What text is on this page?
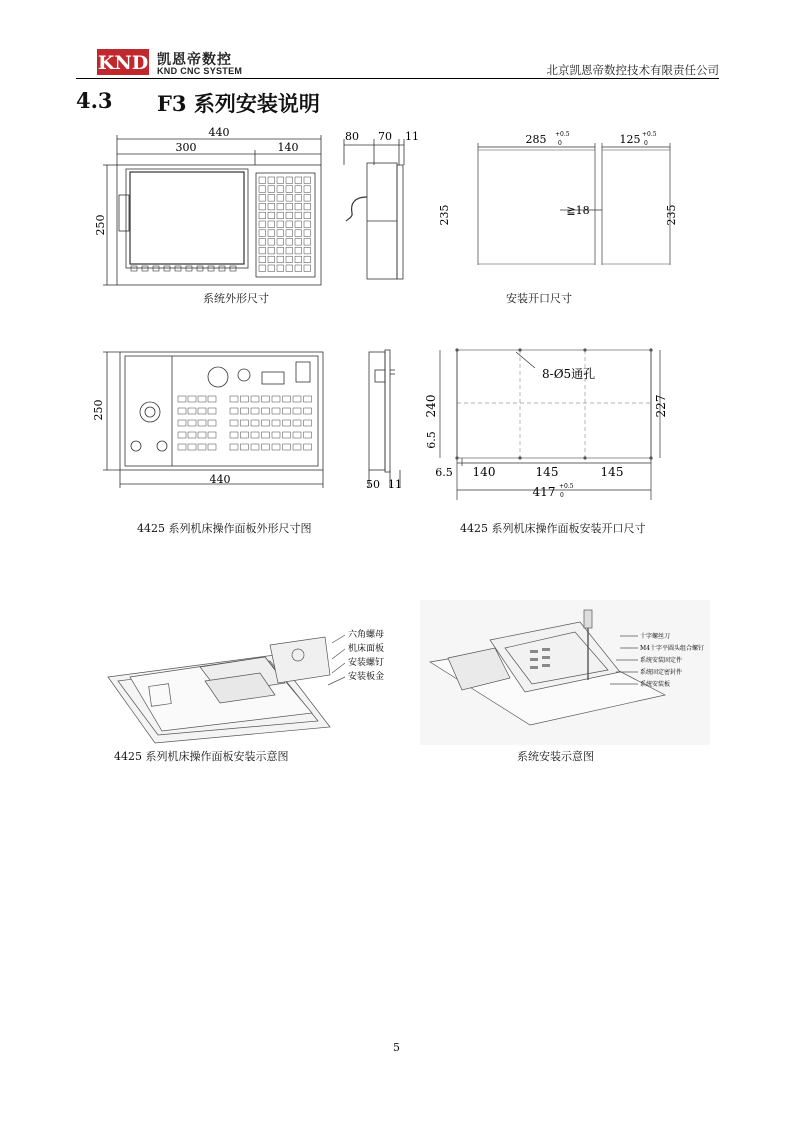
KND 凯恩帝数控
KND CNC SYSTEM	北京凯恩帝数控技术有限责任公司
4.3 F3 系列安装说明
440
300	140
250
系统外形尺寸
80 70 11	285 +0.5
0	125 +0.5
0
≧18
235	235
安装开口尺寸
250
440
4425 系列机床操作面板外形尺寸图
50 11
8-Ø5通孔
240	227
6.5
6.5 140	145	145
417 +0.5
0
4425 系列机床操作面板安装开口尺寸
六角螺母
机床面板
安装螺钉
安装板金
4425 系列机床操作面板安装示意图
十字螺丝刀
M4十字平圆头组合螺钉
系统安装固定件
系统固定密封件
系统安装板
系统安装示意图
5
